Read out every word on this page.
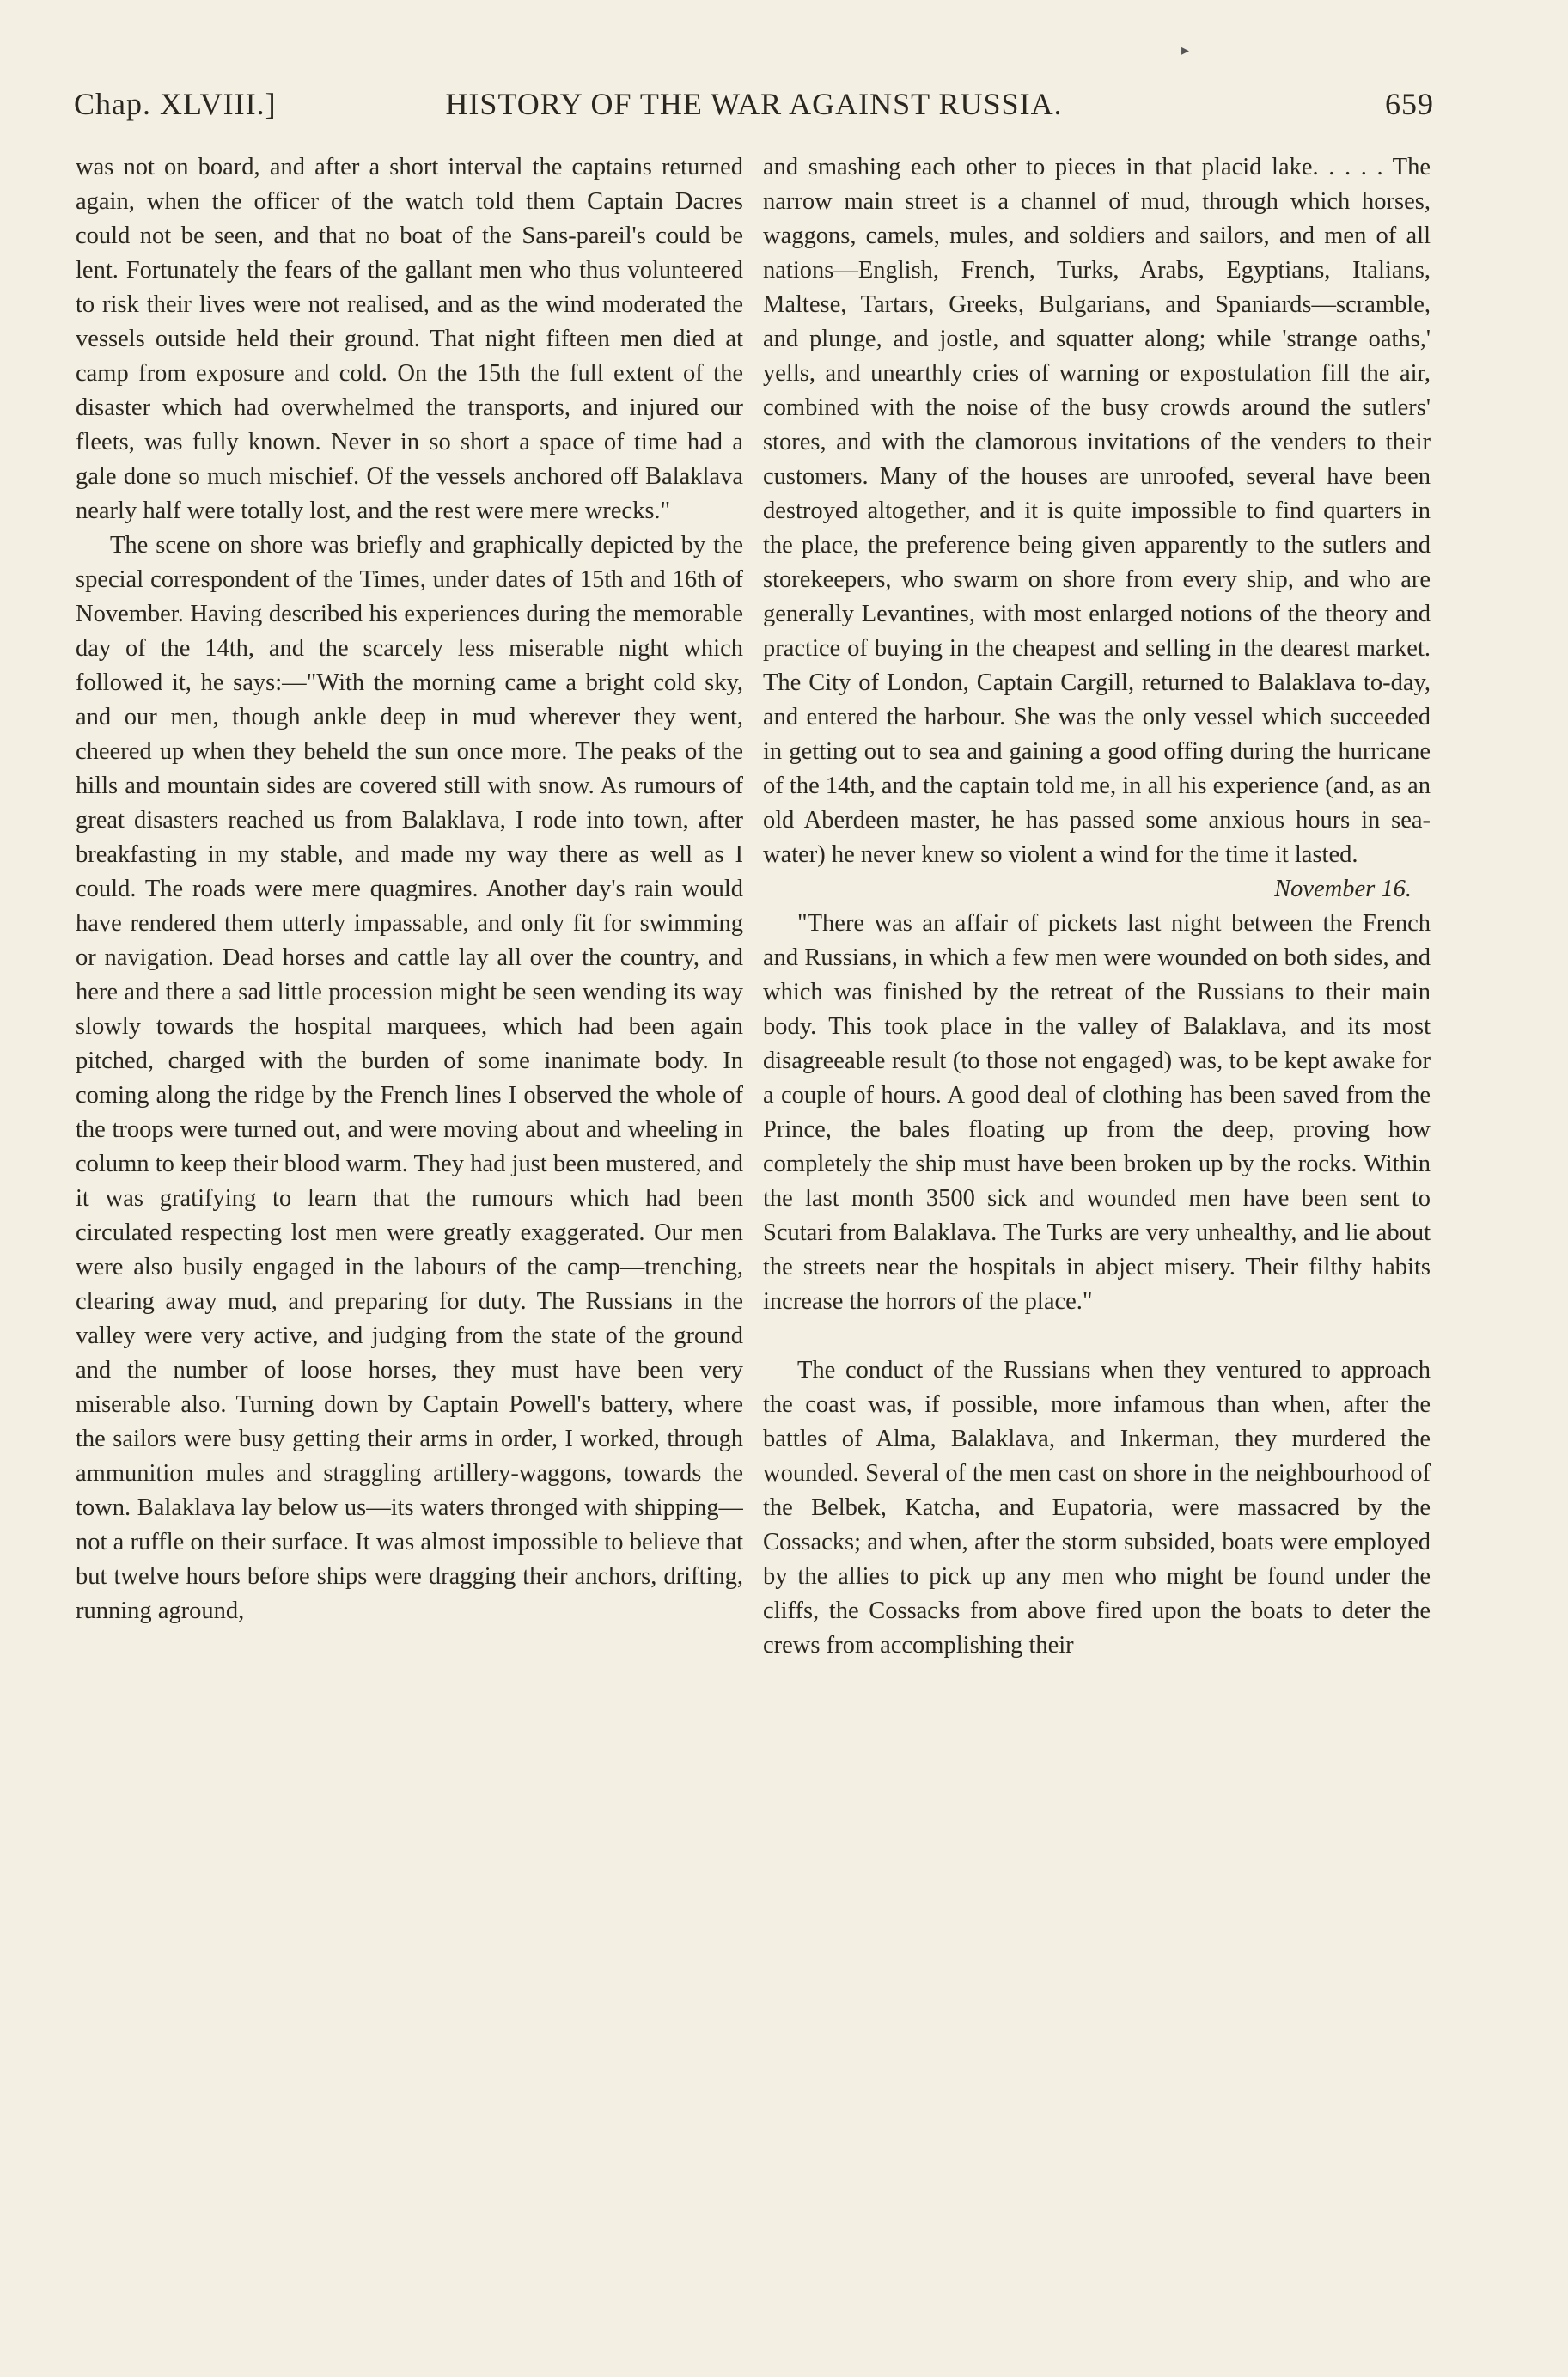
▸
Chap. XLVIII.]	HISTORY OF THE WAR AGAINST RUSSIA.	659

was not on board, and after a short interval the captains returned again, when the officer of the watch told them Captain Dacres could not be seen, and that no boat of the Sans-pareil's could be lent. Fortunately the fears of the gallant men who thus volunteered to risk their lives were not realised, and as the wind moderated the vessels outside held their ground. That night fifteen men died at camp from exposure and cold. On the 15th the full extent of the disaster which had overwhelmed the transports, and injured our fleets, was fully known. Never in so short a space of time had a gale done so much mischief. Of the vessels anchored off Balaklava nearly half were totally lost, and the rest were mere wrecks."

The scene on shore was briefly and graphically depicted by the special correspondent of the Times, under dates of 15th and 16th of November. Having described his experiences during the memorable day of the 14th, and the scarcely less miserable night which followed it, he says:—"With the morning came a bright cold sky, and our men, though ankle deep in mud wherever they went, cheered up when they beheld the sun once more. The peaks of the hills and mountain sides are covered still with snow. As rumours of great disasters reached us from Balaklava, I rode into town, after breakfasting in my stable, and made my way there as well as I could. The roads were mere quagmires. Another day's rain would have rendered them utterly impassable, and only fit for swimming or navigation. Dead horses and cattle lay all over the country, and here and there a sad little procession might be seen wending its way slowly towards the hospital marquees, which had been again pitched, charged with the burden of some inanimate body. In coming along the ridge by the French lines I observed the whole of the troops were turned out, and were moving about and wheeling in column to keep their blood warm. They had just been mustered, and it was gratifying to learn that the rumours which had been circulated respecting lost men were greatly exaggerated. Our men were also busily engaged in the labours of the camp—trenching, clearing away mud, and preparing for duty. The Russians in the valley were very active, and judging from the state of the ground and the number of loose horses, they must have been very miserable also. Turning down by Captain Powell's battery, where the sailors were busy getting their arms in order, I worked, through ammunition mules and straggling artillery-waggons, towards the town. Balaklava lay below us—its waters thronged with shipping—not a ruffle on their surface. It was almost impossible to believe that but twelve hours before ships were dragging their anchors, drifting, running aground,

and smashing each other to pieces in that placid lake. . . . . The narrow main street is a channel of mud, through which horses, waggons, camels, mules, and soldiers and sailors, and men of all nations—English, French, Turks, Arabs, Egyptians, Italians, Maltese, Tartars, Greeks, Bulgarians, and Spaniards—scramble, and plunge, and jostle, and squatter along; while 'strange oaths,' yells, and unearthly cries of warning or expostulation fill the air, combined with the noise of the busy crowds around the sutlers' stores, and with the clamorous invitations of the venders to their customers. Many of the houses are unroofed, several have been destroyed altogether, and it is quite impossible to find quarters in the place, the preference being given apparently to the sutlers and storekeepers, who swarm on shore from every ship, and who are generally Levantines, with most enlarged notions of the theory and practice of buying in the cheapest and selling in the dearest market. The City of London, Captain Cargill, returned to Balaklava to-day, and entered the harbour. She was the only vessel which succeeded in getting out to sea and gaining a good offing during the hurricane of the 14th, and the captain told me, in all his experience (and, as an old Aberdeen master, he has passed some anxious hours in sea-water) he never knew so violent a wind for the time it lasted.

November 16.

"There was an affair of pickets last night between the French and Russians, in which a few men were wounded on both sides, and which was finished by the retreat of the Russians to their main body. This took place in the valley of Balaklava, and its most disagreeable result (to those not engaged) was, to be kept awake for a couple of hours. A good deal of clothing has been saved from the Prince, the bales floating up from the deep, proving how completely the ship must have been broken up by the rocks. Within the last month 3500 sick and wounded men have been sent to Scutari from Balaklava. The Turks are very unhealthy, and lie about the streets near the hospitals in abject misery. Their filthy habits increase the horrors of the place."

The conduct of the Russians when they ventured to approach the coast was, if possible, more infamous than when, after the battles of Alma, Balaklava, and Inkerman, they murdered the wounded. Several of the men cast on shore in the neighbourhood of the Belbek, Katcha, and Eupatoria, were massacred by the Cossacks; and when, after the storm subsided, boats were employed by the allies to pick up any men who might be found under the cliffs, the Cossacks from above fired upon the boats to deter the crews from accomplishing their
